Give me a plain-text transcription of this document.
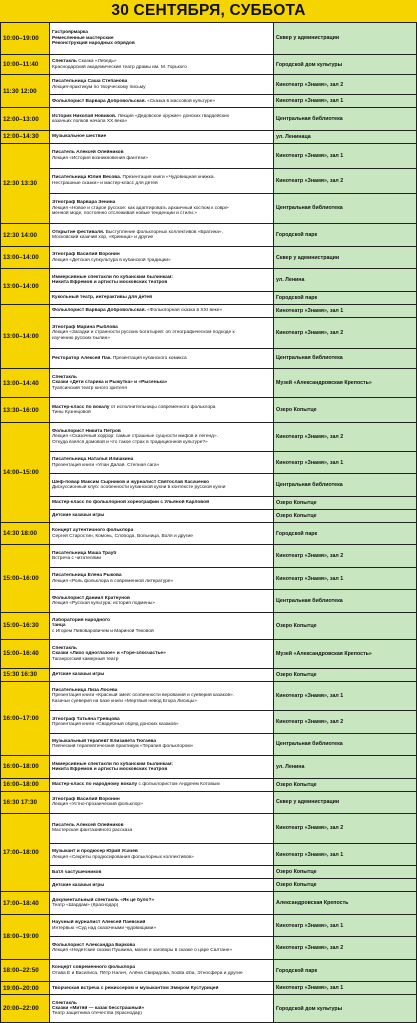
30 СЕНТЯБРЯ, СУББОТА
10:00–19:00	Гастроярмарка
Ремесленные мастерские
Реконструкция народных обрядов	Сквер у администрации
10:00–11:40	Спектакль Сказка «Лебедь»
Краснодарский академический театр драмы им. М. Горького	Городской дом культуры
11:30 12:00	Писательница Саша Степанова
Лекция-практикум по творческому письму	Кинотеатр «Знамя», зал 2

	Фольклорист Варвара Добровольская. «Сказка в массовой культуре»	Кинотеатр «Знамя», зал 1
12:00–13:00	Историк Николай Новиков. Лекция «Дедовское оружие» донских гвардейских
казачьих полков начала XX века»	Центральная библиотека
12:00–14:30	Музыкальное шествие	ул. Ленинаца
12:30 13:30	Писатель Алексей Олейников
Лекция «История возникновения фантези»	Кинотеатр «Знамя», зал 1

	Писательница Юлия Весова. Презентация книги «Чудовищная книжка.
Нестрашные сказки» и мастер-класс для детей	Кинотеатр «Знамя», зал 2

	Этнограф Варвара Зенина
Лекция «Новое и старое русское: как адаптировать архаичный костюм к совре-
менной моде, постоянно отслеживая новые тенденции и стили.»	Центральная библиотека
12:30 14:00	Открытие фестиваля. Выступление фольклорных коллективов «Братина»,
Московский казачий хор, «Криница» и другие	Городской парк
13:00–14:00	Этнограф Василий Воронин
Лекция «Детская субкультура в кубанской традиции»	Сквер у администрации
13:00–14:00	Иммерсивные спектакли по кубанским былинкам:
Никита Ефремов и артисты московских театров	ул. Ленина

	Кукольный театр, интерактивы для детей	Городской парк
13:00–14:00	Фольклорист Варвара Добровольская. «Фольклорная сказка в XXI веке»	Кинотеатр «Знамя», зал 1

	Этнограф Марина Рыблова
Лекция «Загадки и странности русских богатырей: об этнографическом подходе к
изучению русских былин»	Кинотеатр «Знамя», зал 2

	Ресторатор Алексей Пак. Презентация кубанского комикса	Центральная библиотека
13:00–14:40	Спектакль
Сказки «Дети старика и Рыжутка» и «Рысенька»
Туапсинский театр юного зрителя	Музей «Александровская Крепость»
13:30–16:00	Мастер-класс по вокалу от исполнительницы современного фольклора
Тины Кузнецовой	Озеро Копытце
14:00–15:00	Фольклорист Никита Петров
Лекция «Сказочный хоррор: самые страшные сущности мифов и легенд».
Откуда взялся домовой и что такое страх в традиционной культуре?»	Кинотеатр «Знамя», зал 2

	Писательница Наталья Илишкина
Презентация книги «Улан Далай. Степная сага»	Кинотеатр «Знамя», зал 1

	Шеф-повар Максим Сырников и журналист Святослав Касаченко
Дискуссионный клуб: особенности кубанской кухни в контексте русской кухни	Центральная библиотека

	Мастер-класс по фольклорной хореографии с Ульяной Карловой	Озеро Копытце

	Детские казачьи игры	Озеро Копытце
14:30 18:00	Концерт аутентичного фольклора
Сергей Старостин, Комонь, Слобода, Вольница, Воля и другие	Городской парк
15:00–16:00	Писательница Маша Трауб
Встреча с читателями	Кинотеатр «Знамя», зал 2

	Писательница Елена Рыкова
Лекция «Роль фольклора в современной литературе»	Кинотеатр «Знамя», зал 1

	Фольклорист Даниил Кратнунов
Лекция «Русская культура: история подмены»	Центральная библиотека
15:00–16:30	Лаборатория народного
танца
с Игорем Пивоваровичем и Мариной Тековой	Озеро Копытце
15:00–16:40	Спектакль
Сказки «Лихо одноглазое» и «Горе-злосчастье»
Таганрогский камерный театр	Музей «Александровская Крепость»
15:30 16:30	Детские казачьи игры	Озеро Копытце
16:00–17:00	Писательница Лиза Лосева
Презентация книги «Красный змей: особенности верований и суеверий казаков».
Казачьи суеверия на базе книги «Мертвый невод Егора Лисицы»	Кинотеатр «Знамя», зал 1

	Этнограф Татьяна Гревцова
Презентация книги «Свадебный обряд донских казаков»	Кинотеатр «Знамя», зал 2

	Музыкальный терапевт Елизавета Тюгаева
Певческий терапевтический практикум «Терапия фольклором»	Центральная библиотека
16:00–18:00	Иммерсивные спектакли по кубанским былинкам:
Никита Ефремов и артисты московских театров	ул. Ленина
16:00–18:00	Мастер-класс по народному вокалу с фольклористом Андреем Котовым	Озеро Копытце
16:30 17:30	Этнограф Василий Воронин
Лекция «Устно-прозаический фольклор»	Сквер у администрации
17:00–18:00	Писатель Алексей Олейников
Мастерская фантазийного рассказа	Кинотеатр «Знамя», зал 2

	Музыкант и продюсер Юрий Усачев
Лекция «Секреты продюсирования фольклорных коллективов»	Кинотеатр «Знамя», зал 1

	Батл частушечников	Озеро Копытце

	Детские казачьи игры	Озеро Копытце
17:00–18:40	Документальный спектакль «Як це було?»
Театр «Шардам» (Краснодар)	Александровская Крепость
18:00–19:00	Научный журналист Алексей Паевский
Интервью «Суд над сказочными чудовищами»	Кинотеатр «Знамя», зал 1

	Фольклорист Александра Баркова
Лекция «Недетские сказки Пушкина, магия и заговоры в сказке о царе Салтане»	Кинотеатр «Знамя», зал 2
18:00–22:50	Концерт современного фольклора
Отава Ё и Василиса, Пётр Налич, Алёна Свиридова, hodila izba, Этносфера и другие	Городской парк
19:00–20:00	Творческая встреча с режиссером и музыкантом Эмиром Кустурицей	Кинотеатр «Знамя», зал 1
20:00–22:00	Спектакль
Сказки «Митяй — казак бесстрашный»
Театр защитника отечества (Краснодар)	Городской дом культуры
